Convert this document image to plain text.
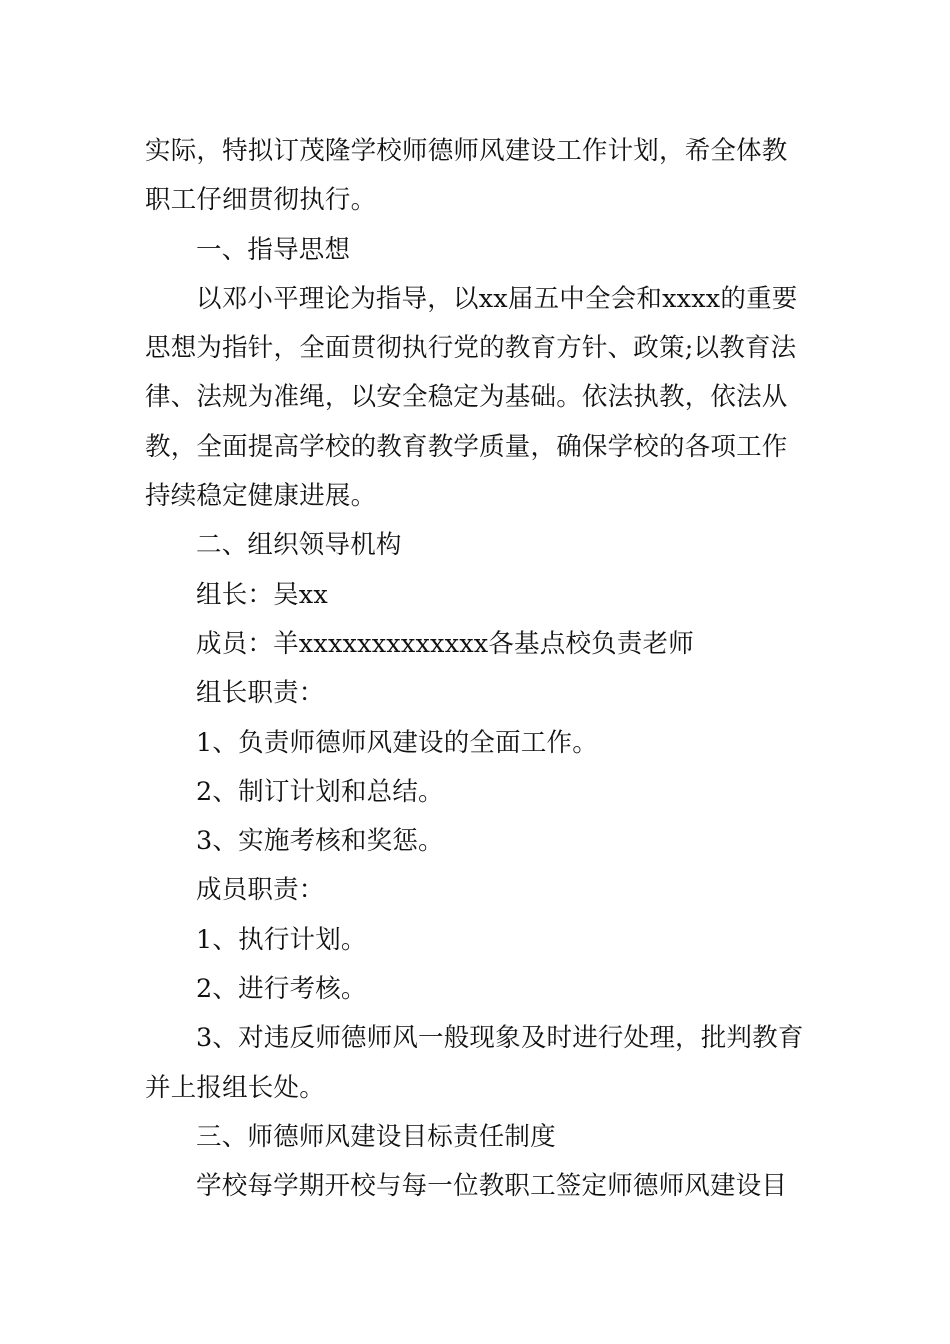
实际，特拟订茂隆学校师德师风建设工作计划，希全体教职工仔细贯彻执行。

一、指导思想

以邓小平理论为指导，以xx届五中全会和xxxx的重要思想为指针，全面贯彻执行党的教育方针、政策;以教育法律、法规为准绳，以安全稳定为基础。依法执教，依法从教，全面提高学校的教育教学质量，确保学校的各项工作持续稳定健康进展。

二、组织领导机构

组长：吴xx

成员：羊xxxxxxxxxxxxx各基点校负责老师

组长职责：

1、负责师德师风建设的全面工作。

2、制订计划和总结。

3、实施考核和奖惩。

成员职责：

1、执行计划。

2、进行考核。

3、对违反师德师风一般现象及时进行处理，批判教育并上报组长处。

三、师德师风建设目标责任制度

学校每学期开校与每一位教职工签定师德师风建设目
